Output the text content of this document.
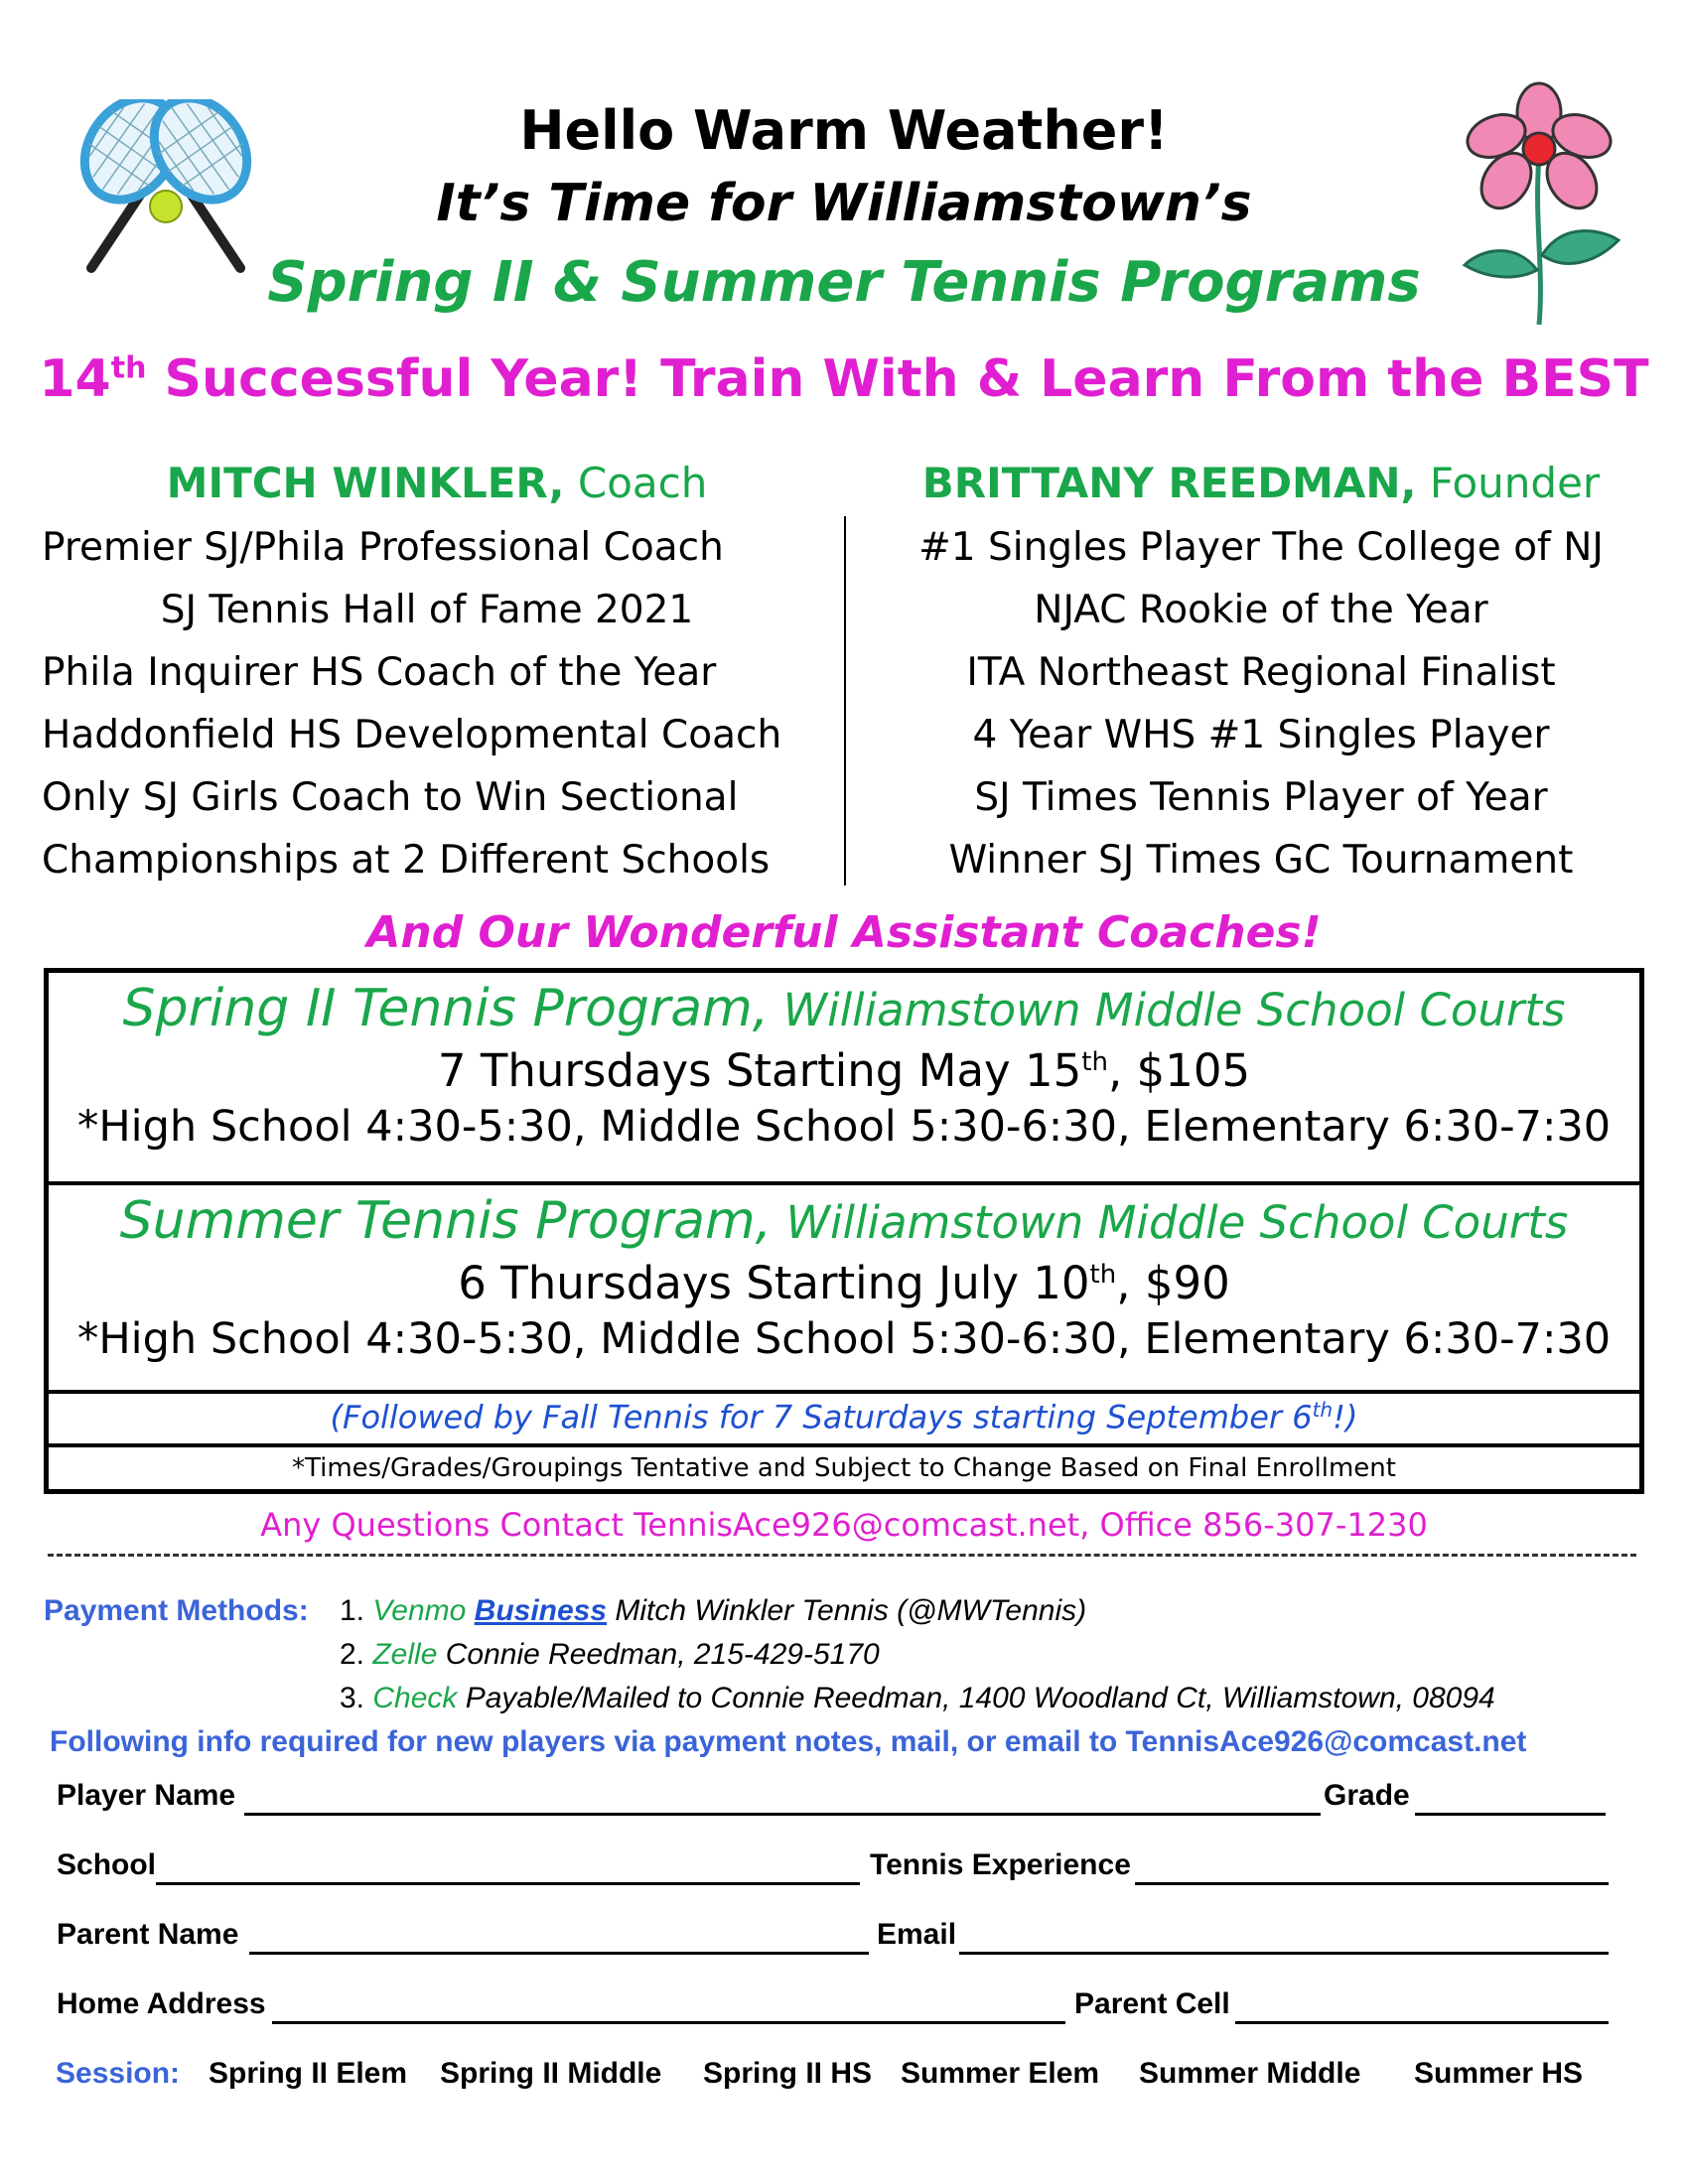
Hello Warm Weather!
It’s Time for Williamstown’s
Spring II & Summer Tennis Programs
14th Successful Year! Train With & Learn From the BEST
MITCH WINKLER, Coach
Premier SJ/Phila Professional Coach
SJ Tennis Hall of Fame 2021
Phila Inquirer HS Coach of the Year
Haddonfield HS Developmental Coach
Only SJ Girls Coach to Win Sectional
Championships at 2 Different Schools
BRITTANY REEDMAN, Founder
#1 Singles Player The College of NJ
NJAC Rookie of the Year
ITA Northeast Regional Finalist
4 Year WHS #1 Singles Player
SJ Times Tennis Player of Year
Winner SJ Times GC Tournament
And Our Wonderful Assistant Coaches!
Spring II Tennis Program, Williamstown Middle School Courts
7 Thursdays Starting May 15th, $105
*High School 4:30-5:30, Middle School 5:30-6:30, Elementary 6:30-7:30
Summer Tennis Program, Williamstown Middle School Courts
6 Thursdays Starting July 10th, $90
*High School 4:30-5:30, Middle School 5:30-6:30, Elementary 6:30-7:30
(Followed by Fall Tennis for 7 Saturdays starting September 6th!)
*Times/Grades/Groupings Tentative and Subject to Change Based on Final Enrollment
Any Questions Contact TennisAce926@comcast.net, Office 856-307-1230
Payment Methods: 1. Venmo Business Mitch Winkler Tennis (@MWTennis)
2. Zelle Connie Reedman, 215-429-5170
3. Check Payable/Mailed to Connie Reedman, 1400 Woodland Ct, Williamstown, 08094
Following info required for new players via payment notes, mail, or email to TennisAce926@comcast.net
Player Name	Grade
School	Tennis Experience
Parent Name	Email
Home Address	Parent Cell
Session: Spring II Elem Spring II Middle Spring II HS Summer Elem Summer Middle Summer HS
